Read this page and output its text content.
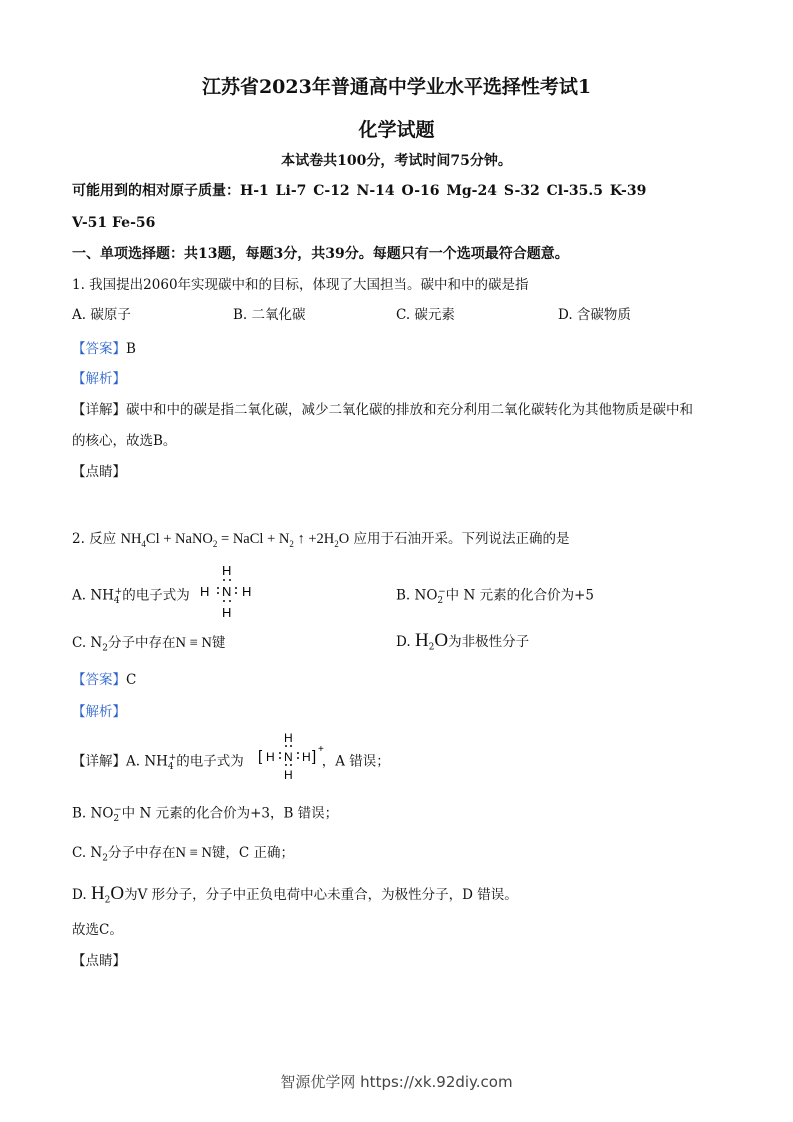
江苏省2023年普通高中学业水平选择性考试1
化学试题
本试卷共100分，考试时间75分钟。
可能用到的相对原子质量：H-1 Li-7 C-12 N-14 O-16 Mg-24 S-32 Cl-35.5 K-39
V-51 Fe-56
一、单项选择题：共13题，每题3分，共39分。每题只有一个选项最符合题意。
1. 我国提出2060年实现碳中和的目标，体现了大国担当。碳中和中的碳是指
A. 碳原子	B. 二氧化碳	C. 碳元素	D. 含碳物质
【答案】B
【解析】
【详解】碳中和中的碳是指二氧化碳，减少二氧化碳的排放和充分利用二氧化碳转化为其他物质是碳中和
的核心，故选B。
【点睛】
2. 反应 $NH_4Cl$ + NaNO$_2$ = NaCl + $N_2$ ↑ $+2H_2O$ 应用于石油开采。下列说法正确的是
A. $NH_4^+$的电子式为
H
H N H
H
B. $NO_2^-$中 N 元素的化合价为+5
C. $N_2$分子中存在N ≡ N键	D. $H_2O$为非极性分子
【答案】C
【解析】
【详解】A. $NH_4^+$的电子式为	，A 错误；
[ H
H
N H
H
] +
B. $NO_2^-$中 N 元素的化合价为+3，B 错误；
C. $N_2$分子中存在N ≡ N键，C 正确；
D. $H_2O$为V 形分子，分子中正负电荷中心未重合，为极性分子，D 错误。
故选C。
【点睛】
智源优学网 https://xk.92diy.com
